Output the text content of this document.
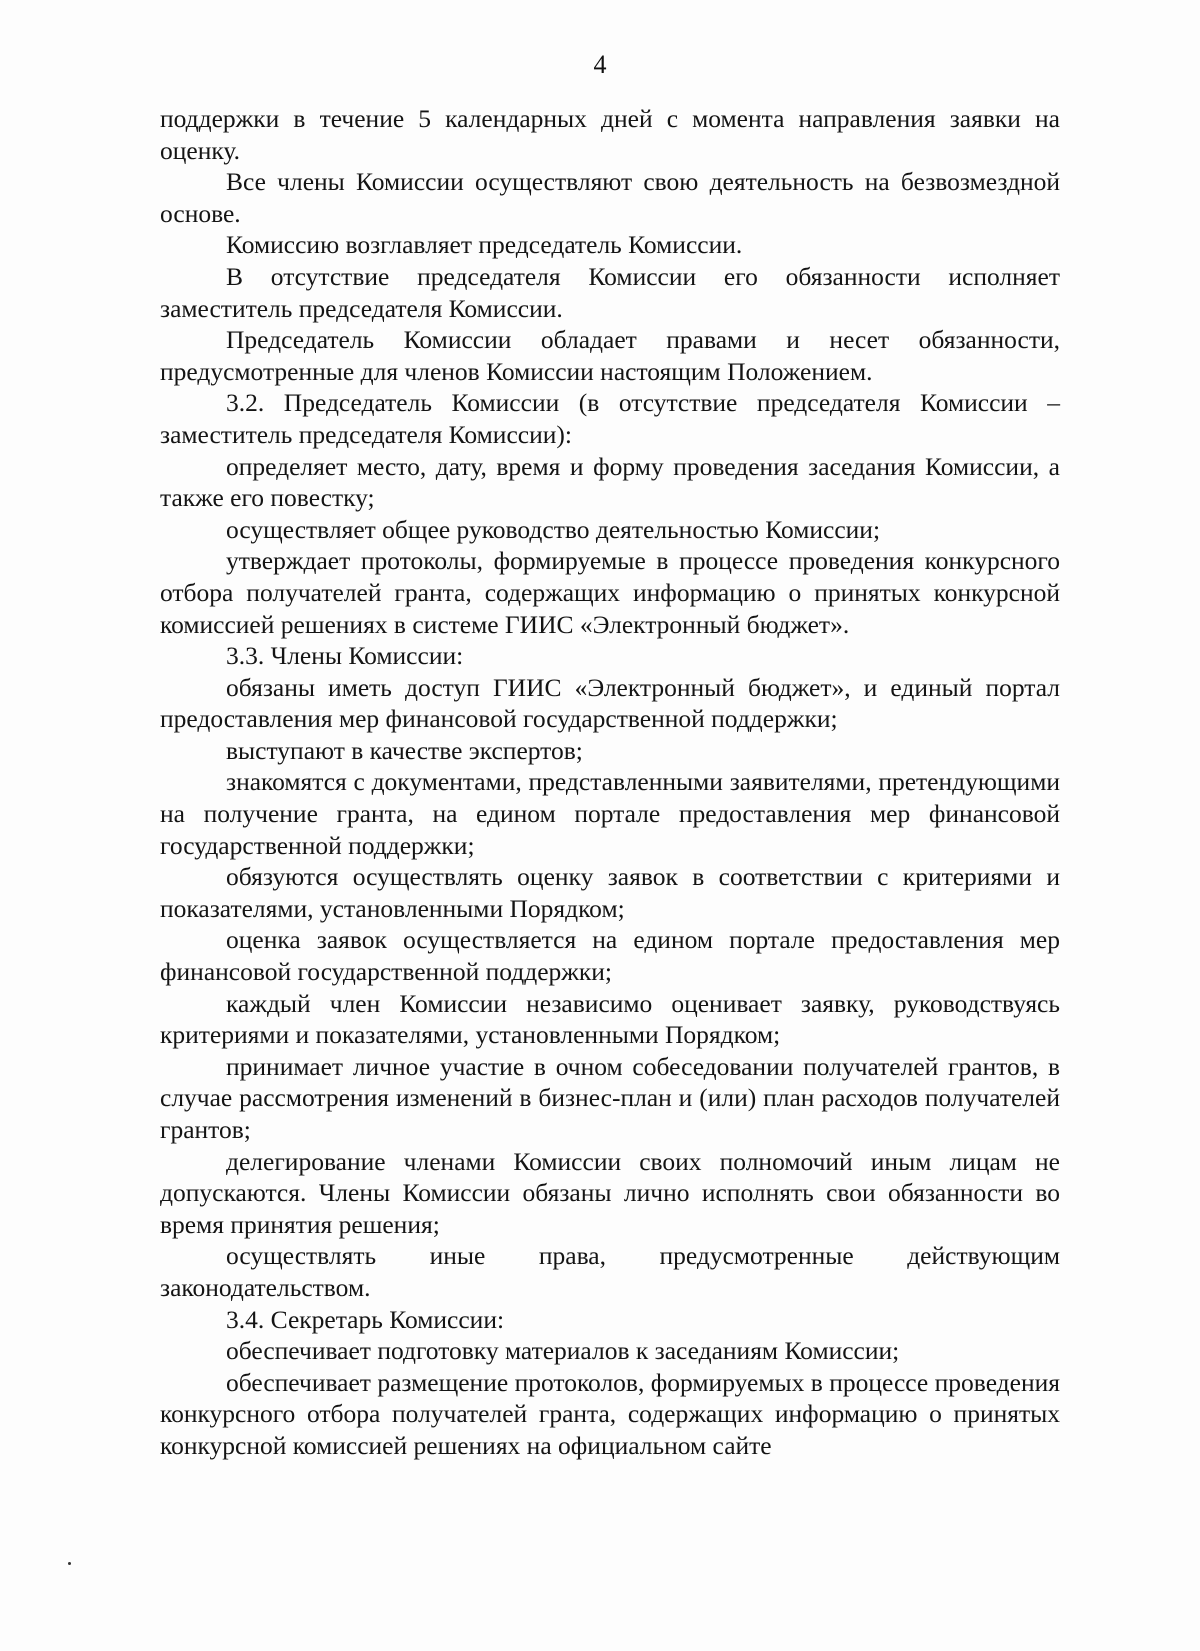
4

поддержки в течение 5 календарных дней с момента направления заявки на оценку.

Все члены Комиссии осуществляют свою деятельность на безвозмездной основе.

Комиссию возглавляет председатель Комиссии.

В отсутствие председателя Комиссии его обязанности исполняет заместитель председателя Комиссии.

Председатель Комиссии обладает правами и несет обязанности, предусмотренные для членов Комиссии настоящим Положением.

3.2. Председатель Комиссии (в отсутствие председателя Комиссии – заместитель председателя Комиссии):

определяет место, дату, время и форму проведения заседания Комиссии, а также его повестку;

осуществляет общее руководство деятельностью Комиссии;

утверждает протоколы, формируемые в процессе проведения конкурсного отбора получателей гранта, содержащих информацию о принятых конкурсной комиссией решениях в системе ГИИС «Электронный бюджет».

3.3. Члены Комиссии:

обязаны иметь доступ ГИИС «Электронный бюджет», и единый портал предоставления мер финансовой государственной поддержки;

выступают в качестве экспертов;

знакомятся с документами, представленными заявителями, претендующими на получение гранта, на едином портале предоставления мер финансовой государственной поддержки;

обязуются осуществлять оценку заявок в соответствии с критериями и показателями, установленными Порядком;

оценка заявок осуществляется на едином портале предоставления мер финансовой государственной поддержки;

каждый член Комиссии независимо оценивает заявку, руководствуясь критериями и показателями, установленными Порядком;

принимает личное участие в очном собеседовании получателей грантов, в случае рассмотрения изменений в бизнес-план и (или) план расходов получателей грантов;

делегирование членами Комиссии своих полномочий иным лицам не допускаются. Члены Комиссии обязаны лично исполнять свои обязанности во время принятия решения;

осуществлять иные права, предусмотренные действующим законодательством.

3.4. Секретарь Комиссии:

обеспечивает подготовку материалов к заседаниям Комиссии;

обеспечивает размещение протоколов, формируемых в процессе проведения конкурсного отбора получателей гранта, содержащих информацию о принятых конкурсной комиссией решениях на официальном сайте
